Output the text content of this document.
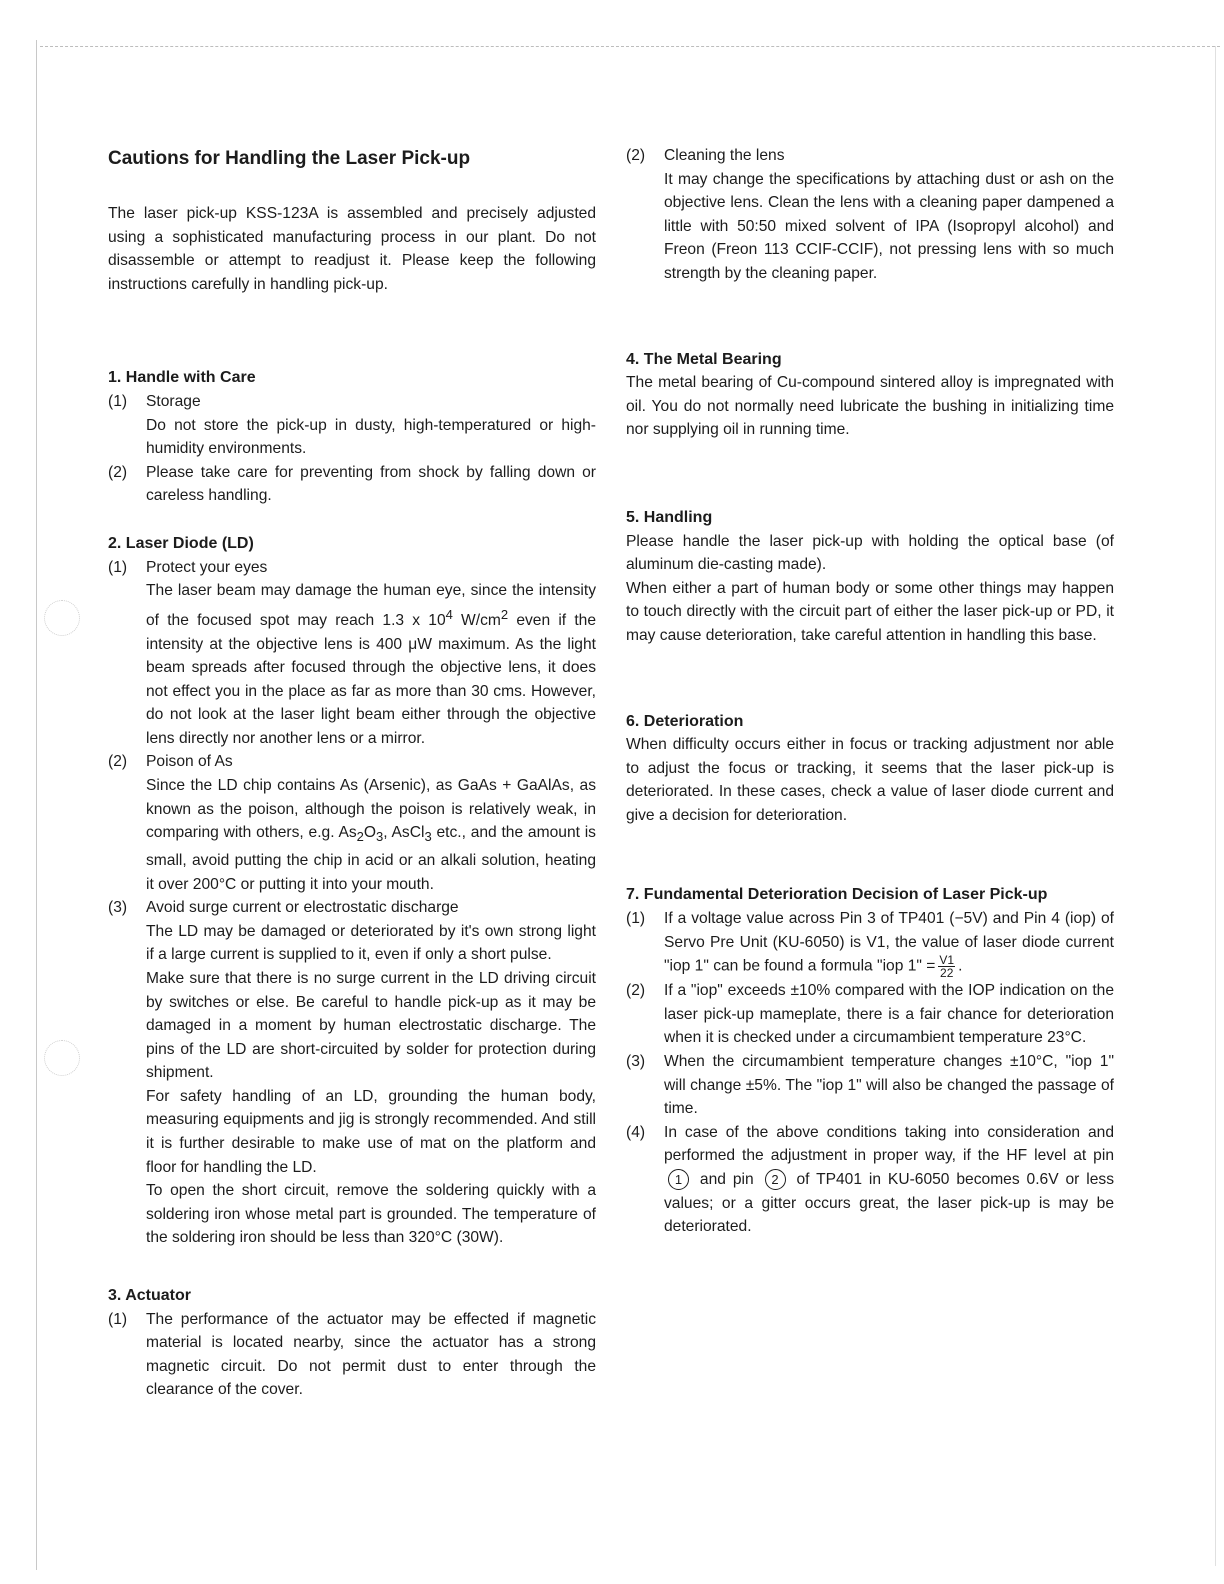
Cautions for Handling the Laser Pick-up

The laser pick-up KSS-123A is assembled and precisely adjusted using a sophisticated manufacturing process in our plant. Do not disassemble or attempt to readjust it. Please keep the following instructions carefully in handling pick-up.

1. Handle with Care
(1)	Storage
Do not store the pick-up in dusty, high-temperatured or high-humidity environments.
(2)	Please take care for preventing from shock by falling down or careless handling.
2. Laser Diode (LD)
(1)	Protect your eyes
The laser beam may damage the human eye, since the intensity of the focused spot may reach 1.3 x $10^4$ $W/cm^2$ even if the intensity at the objective lens is 400 μW maximum. As the light beam spreads after focused through the objective lens, it does not effect you in the place as far as more than 30 cms. However, do not look at the laser light beam either through the objective lens directly nor another lens or a mirror.
(2)	Poison of As
Since the LD chip contains As (Arsenic), as GaAs + GaAlAs, as known as the poison, although the poison is relatively weak, in comparing with others, e.g. $As_2O_3$, AsCl$_3$ etc., and the amount is small, avoid putting the chip in acid or an alkali solution, heating it over 200°C or putting it into your mouth.
(3)	Avoid surge current or electrostatic discharge
The LD may be damaged or deteriorated by it's own strong light if a large current is supplied to it, even if only a short pulse.
Make sure that there is no surge current in the LD driving circuit by switches or else. Be careful to handle pick-up as it may be damaged in a moment by human electrostatic discharge. The pins of the LD are short-circuited by solder for protection during shipment.
For safety handling of an LD, grounding the human body, measuring equipments and jig is strongly recommended. And still it is further desirable to make use of mat on the platform and floor for handling the LD.
To open the short circuit, remove the soldering quickly with a soldering iron whose metal part is grounded. The temperature of the soldering iron should be less than 320°C (30W).
3. Actuator
(1)	The performance of the actuator may be effected if magnetic material is located nearby, since the actuator has a strong magnetic circuit. Do not permit dust to enter through the clearance of the cover.
(2)	Cleaning the lens
It may change the specifications by attaching dust or ash on the objective lens. Clean the lens with a cleaning paper dampened a little with 50:50 mixed solvent of IPA (Isopropyl alcohol) and Freon (Freon 113 CCIF-CCIF), not pressing lens with so much strength by the cleaning paper.
4. The Metal Bearing

The metal bearing of Cu-compound sintered alloy is impregnated with oil. You do not normally need lubricate the bushing in initializing time nor supplying oil in running time.

5. Handling

Please handle the laser pick-up with holding the optical base (of aluminum die-casting made).

When either a part of human body or some other things may happen to touch directly with the circuit part of either the laser pick-up or PD, it may cause deterioration, take careful attention in handling this base.

6. Deterioration

When difficulty occurs either in focus or tracking adjustment nor able to adjust the focus or tracking, it seems that the laser pick-up is deteriorated. In these cases, check a value of laser diode current and give a decision for deterioration.

7. Fundamental Deterioration Decision of Laser Pick-up
(1)	If a voltage value across Pin 3 of TP401 (−5V) and Pin 4 (iop) of Servo Pre Unit (KU-6050) is V1, the value of laser diode current "iop 1" can be found a formula "iop 1" = $\frac{V1}{22}$ .
(2)	If a "iop" exceeds ±10% compared with the IOP indication on the laser pick-up mameplate, there is a fair chance for deterioration when it is checked under a circumambient temperature 23°C.
(3)	When the circumambient temperature changes ±10°C, "iop 1" will change ±5%. The "iop 1" will also be changed the passage of time.
(4)	In case of the above conditions taking into consideration and performed the adjustment in proper way, if the HF level at pin 1 and pin 2 of TP401 in KU-6050 becomes 0.6V or less values; or a gitter occurs great, the laser pick-up is may be deteriorated.
